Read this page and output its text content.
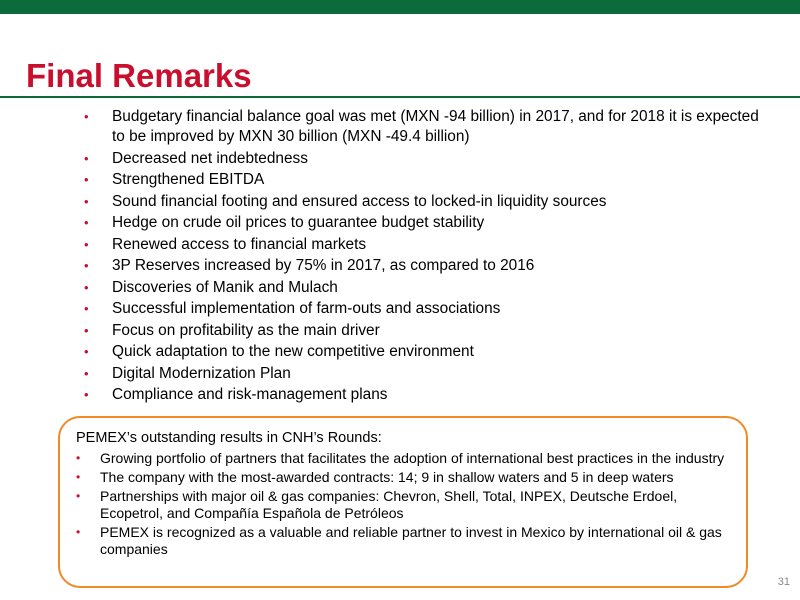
Final Remarks
• Budgetary financial balance goal was met (MXN -94 billion) in 2017, and for 2018 it is expected to be improved by MXN 30 billion (MXN -49.4 billion)
• Decreased net indebtedness
• Strengthened EBITDA
• Sound financial footing and ensured access to locked-in liquidity sources
• Hedge on crude oil prices to guarantee budget stability
• Renewed access to financial markets
• 3P Reserves increased by 75% in 2017, as compared to 2016
• Discoveries of Manik and Mulach
• Successful implementation of farm-outs and associations
• Focus on profitability as the main driver
• Quick adaptation to the new competitive environment
• Digital Modernization Plan
• Compliance and risk-management plans

PEMEX’s outstanding results in CNH’s Rounds:

• Growing portfolio of partners that facilitates the adoption of international best practices in the industry
• The company with the most-awarded contracts: 14; 9 in shallow waters and 5 in deep waters
• Partnerships with major oil & gas companies: Chevron, Shell, Total, INPEX, Deutsche Erdoel, Ecopetrol, and Compañía Española de Petróleos
• PEMEX is recognized as a valuable and reliable partner to invest in Mexico by international oil & gas companies
31
